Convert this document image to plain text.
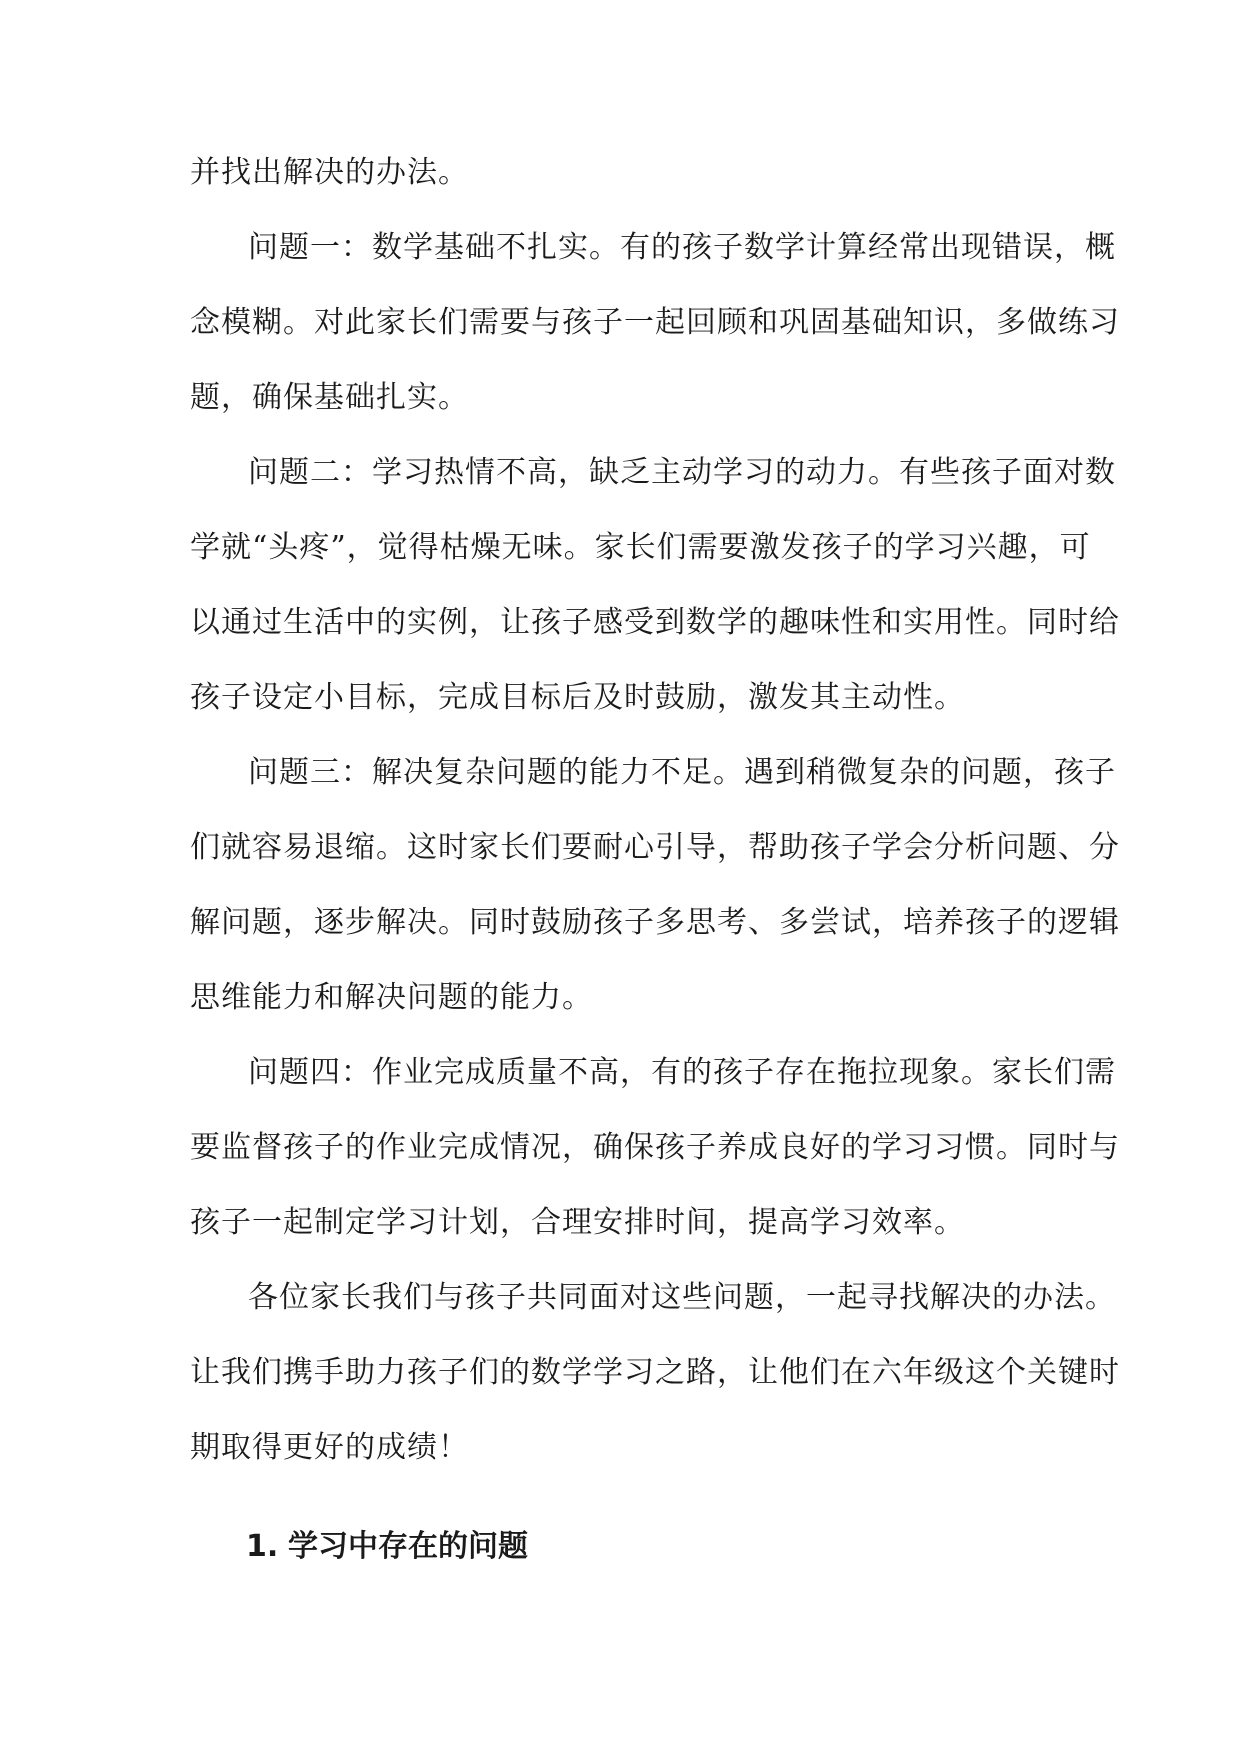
并找出解决的办法。
问题一：数学基础不扎实。有的孩子数学计算经常出现错误，概
念模糊。对此家长们需要与孩子一起回顾和巩固基础知识，多做练习
题，确保基础扎实。
问题二：学习热情不高，缺乏主动学习的动力。有些孩子面对数
学就“头疼”，觉得枯燥无味。家长们需要激发孩子的学习兴趣，可
以通过生活中的实例，让孩子感受到数学的趣味性和实用性。同时给
孩子设定小目标，完成目标后及时鼓励，激发其主动性。
问题三：解决复杂问题的能力不足。遇到稍微复杂的问题，孩子
们就容易退缩。这时家长们要耐心引导，帮助孩子学会分析问题、分
解问题，逐步解决。同时鼓励孩子多思考、多尝试，培养孩子的逻辑
思维能力和解决问题的能力。
问题四：作业完成质量不高，有的孩子存在拖拉现象。家长们需
要监督孩子的作业完成情况，确保孩子养成良好的学习习惯。同时与
孩子一起制定学习计划，合理安排时间，提高学习效率。
各位家长我们与孩子共同面对这些问题，一起寻找解决的办法。
让我们携手助力孩子们的数学学习之路，让他们在六年级这个关键时
期取得更好的成绩！
1. 学习中存在的问题
